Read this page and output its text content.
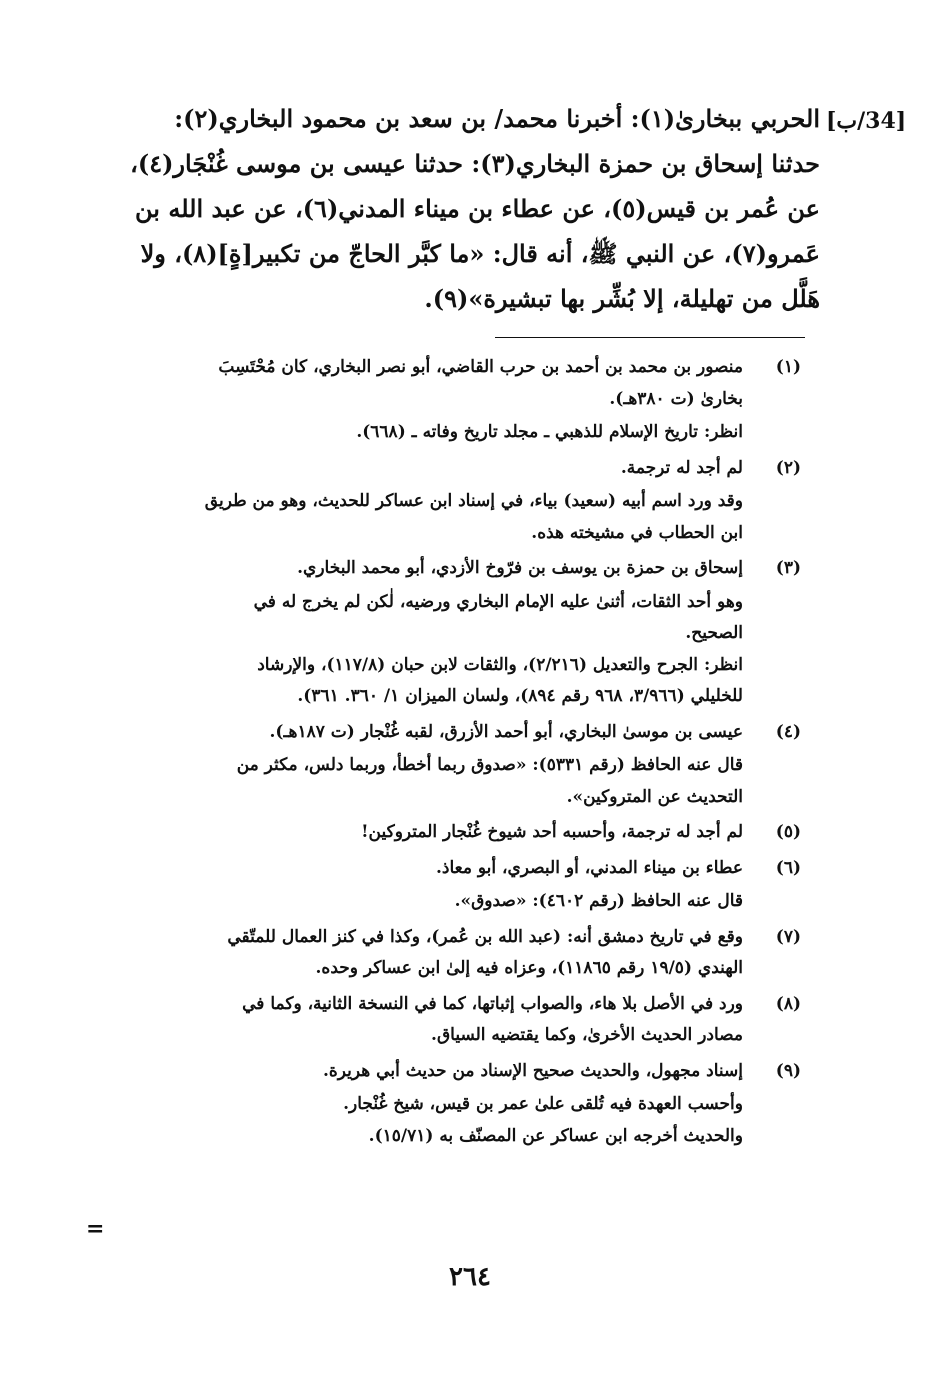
[34/ب]
الحربي ببخارىٰ(١): أخبرنا محمد/ بن سعد بن محمود البخاري(٢):
حدثنا إسحاق بن حمزة البخاري(٣): حدثنا عيسى بن موسى غُنْجَار(٤)،
عن عُمر بن قيس(٥)، عن عطاء بن ميناء المدني(٦)، عن عبد الله بن
عَمرو(٧)، عن النبي ﷺ، أنه قال: «ما كبَّر الحاجّ من تكبير[ةٍ](٨)، ولا
هَلَّل من تهليلة، إلا بُشِّر بها تبشيرة»(٩).
(١)
منصور بن محمد بن أحمد بن حرب القاضي، أبو نصر البخاري، كان مُحْتَسِبَ
بخارىٰ (ت ٣٨٠هـ).
انظر: تاريخ الإسلام للذهبي ـ مجلد تاريخ وفاته ـ (٦٦٨).
(٢)
لم أجد له ترجمة.
وقد ورد اسم أبيه (سعيد) بياء، في إسناد ابن عساكر للحديث، وهو من طريق
ابن الحطاب في مشيخته هذه.
(٣)
إسحاق بن حمزة بن يوسف بن فرّوخ الأزدي، أبو محمد البخاري.
وهو أحد الثقات، أثنىٰ عليه الإمام البخاري ورضيه، لٰكن لم يخرج له في
الصحيح.
انظر: الجرح والتعديل (٢/٢١٦)، والثقات لابن حبان (١١٧/٨)، والإرشاد
للخليلي (٣/٩٦٦، ٩٦٨ رقم ٨٩٤)، ولسان الميزان ١/ ٣٦٠. ٣٦١).
(٤)
عيسى بن موسىٰ البخاري، أبو أحمد الأزرق، لقبه غُنْجار (ت ١٨٧هـ).
قال عنه الحافظ (رقم ٥٣٣١): «صدوق ربما أخطأ، وربما دلس، مكثر من
التحديث عن المتروكين».
(٥)
لم أجد له ترجمة، وأحسبه أحد شيوخ غُنْجار المتروكين!
(٦)
عطاء بن ميناء المدني، أو البصري، أبو معاذ.
قال عنه الحافظ (رقم ٤٦٠٢): «صدوق».
(٧)
وقع في تاريخ دمشق أنه: (عبد الله بن عُمر)، وكذا في كنز العمال للمتّقي
الهندي (١٩/٥ رقم ١١٨٦٥)، وعزاه فيه إلىٰ ابن عساكر وحده.
(٨)
ورد في الأصل بلا هاء، والصواب إثباتها، كما في النسخة الثانية، وكما في
مصادر الحديث الأخرىٰ، وكما يقتضيه السياق.
(٩)
إسناد مجهول، والحديث صحيح الإسناد من حديث أبي هريرة.
وأحسب العهدة فيه تُلقى علىٰ عمر بن قيس، شيخ غُنْجار.
والحديث أخرجه ابن عساكر عن المصنّف به (١٥/٧١).
=
٢٦٤
